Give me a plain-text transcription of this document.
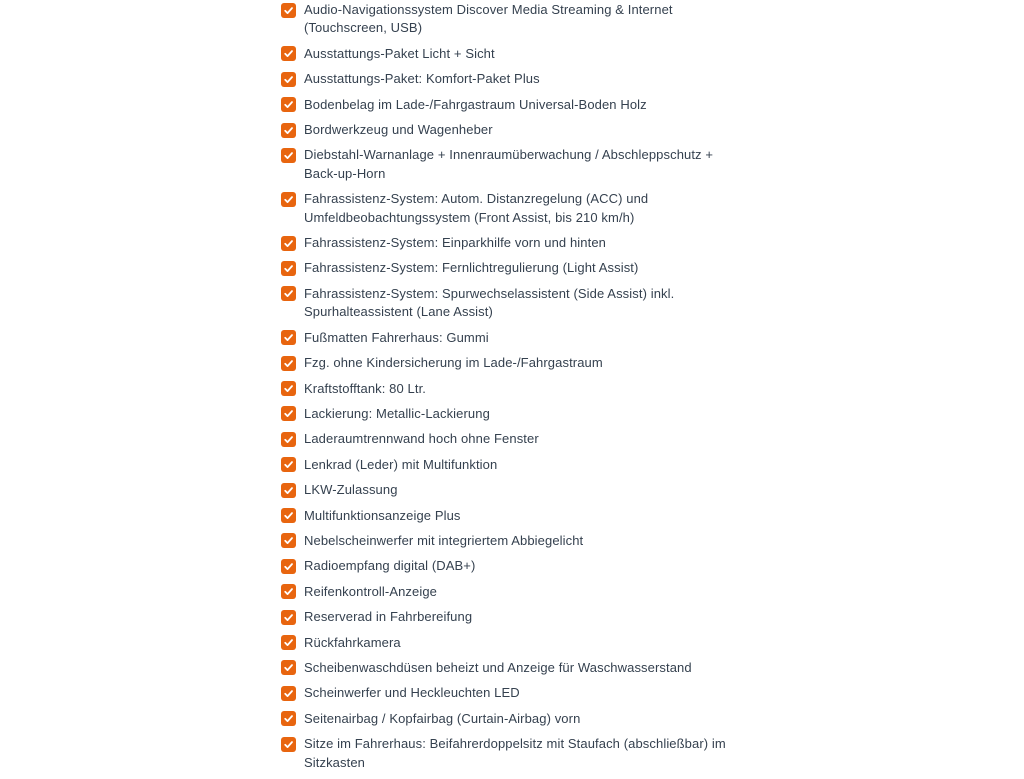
Audio-Navigationssystem Discover Media Streaming & Internet (Touchscreen, USB)
Ausstattungs-Paket Licht + Sicht
Ausstattungs-Paket: Komfort-Paket Plus
Bodenbelag im Lade-/Fahrgastraum Universal-Boden Holz
Bordwerkzeug und Wagenheber
Diebstahl-Warnanlage + Innenraumüberwachung / Abschleppschutz + Back-up-Horn
Fahrassistenz-System: Autom. Distanzregelung (ACC) und Umfeldbeobachtungssystem (Front Assist, bis 210 km/h)
Fahrassistenz-System: Einparkhilfe vorn und hinten
Fahrassistenz-System: Fernlichtregulierung (Light Assist)
Fahrassistenz-System: Spurwechselassistent (Side Assist) inkl. Spurhalteassistent (Lane Assist)
Fußmatten Fahrerhaus: Gummi
Fzg. ohne Kindersicherung im Lade-/Fahrgastraum
Kraftstofftank: 80 Ltr.
Lackierung: Metallic-Lackierung
Laderaumtrennwand hoch ohne Fenster
Lenkrad (Leder) mit Multifunktion
LKW-Zulassung
Multifunktionsanzeige Plus
Nebelscheinwerfer mit integriertem Abbiegelicht
Radioempfang digital (DAB+)
Reifenkontroll-Anzeige
Reserverad in Fahrbereifung
Rückfahrkamera
Scheibenwaschdüsen beheizt und Anzeige für Waschwasserstand
Scheinwerfer und Heckleuchten LED
Seitenairbag / Kopfairbag (Curtain-Airbag) vorn
Sitze im Fahrerhaus: Beifahrerdoppelsitz mit Staufach (abschließbar) im Sitzkasten
